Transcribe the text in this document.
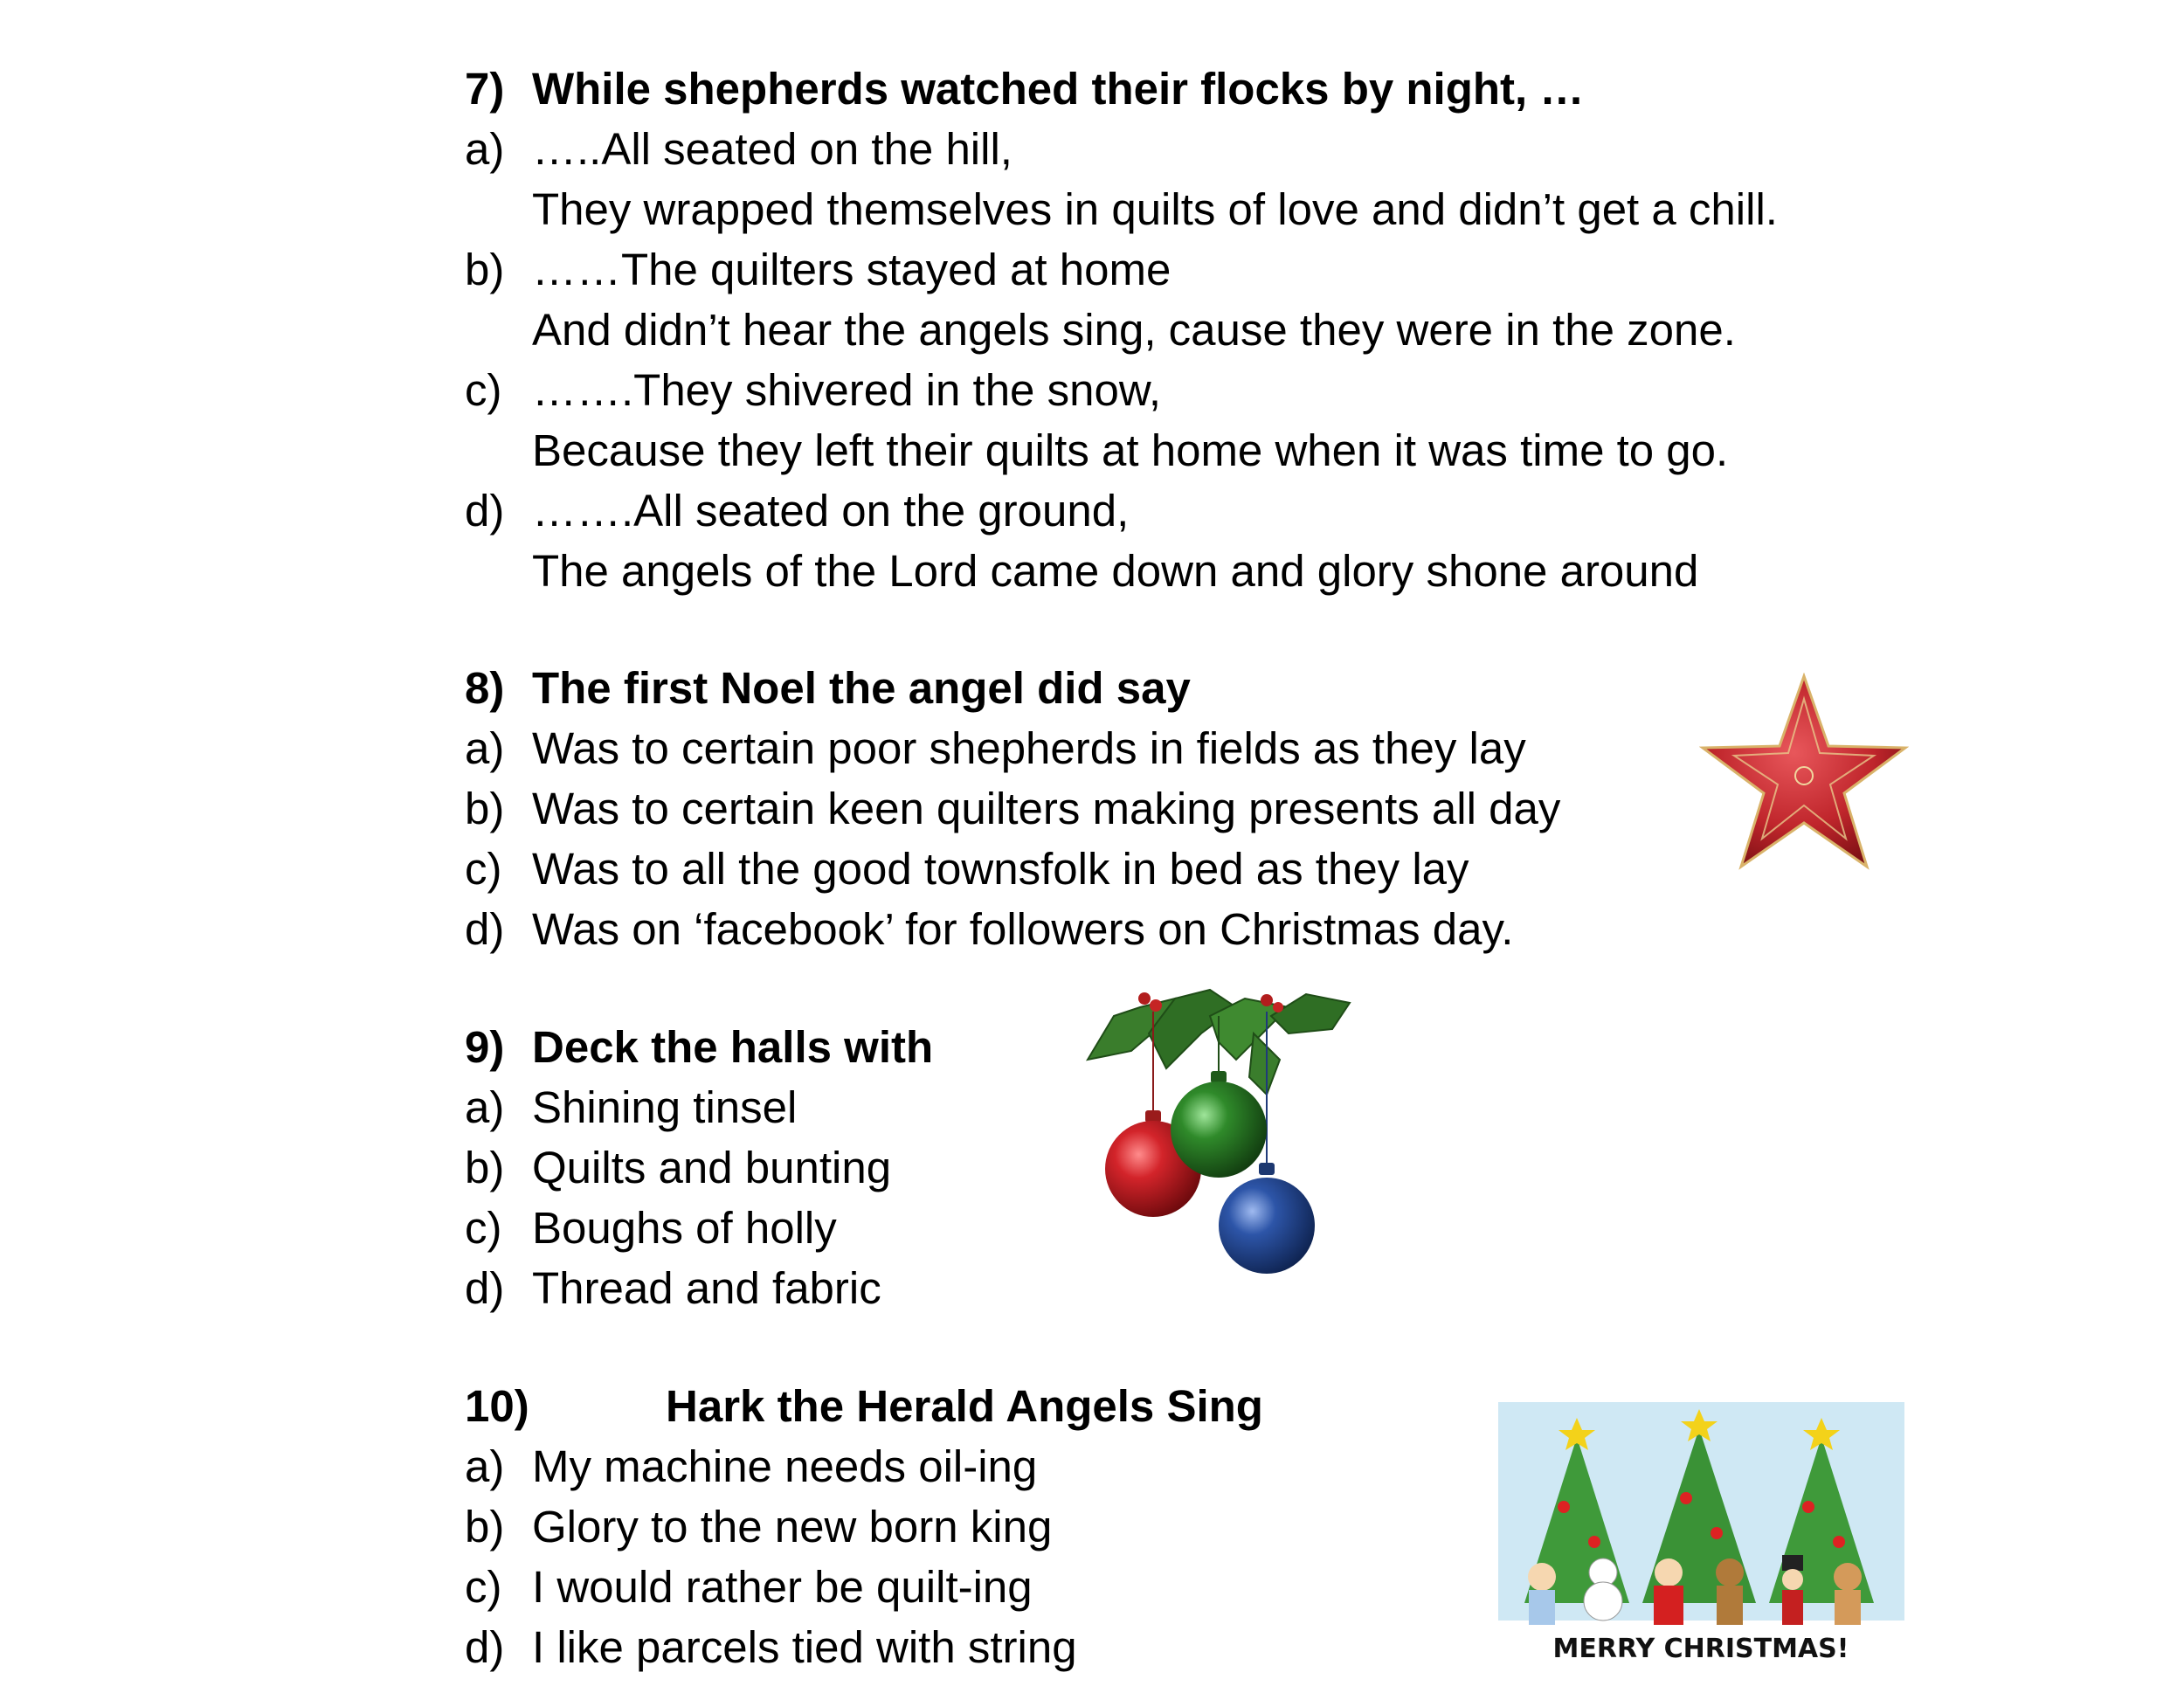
7) While shepherds watched their flocks by night, …
a) …..All seated on the hill,
They wrapped themselves in quilts of love and didn’t get a chill.
b) ……The quilters stayed at home
And didn’t hear the angels sing, cause they were in the zone.
c) …….They shivered in the snow,
Because they left their quilts at home when it was time to go.
d) …….All seated on the ground,
The angels of the Lord came down and glory shone around
8) The first Noel the angel did say
a) Was to certain poor shepherds in fields as they lay
b) Was to certain keen quilters making presents all day
c) Was to all the good townsfolk in bed as they lay
d) Was on ‘facebook’ for followers on Christmas day.
9) Deck the halls with
a) Shining tinsel
b) Quilts and bunting
c) Boughs of holly
d) Thread and fabric
10)	Hark the Herald Angels Sing
a) My machine needs oil-ing
b) Glory to the new born king
c) I would rather be quilt-ing
d) I like parcels tied with string	MERRY CHRISTMAS!
